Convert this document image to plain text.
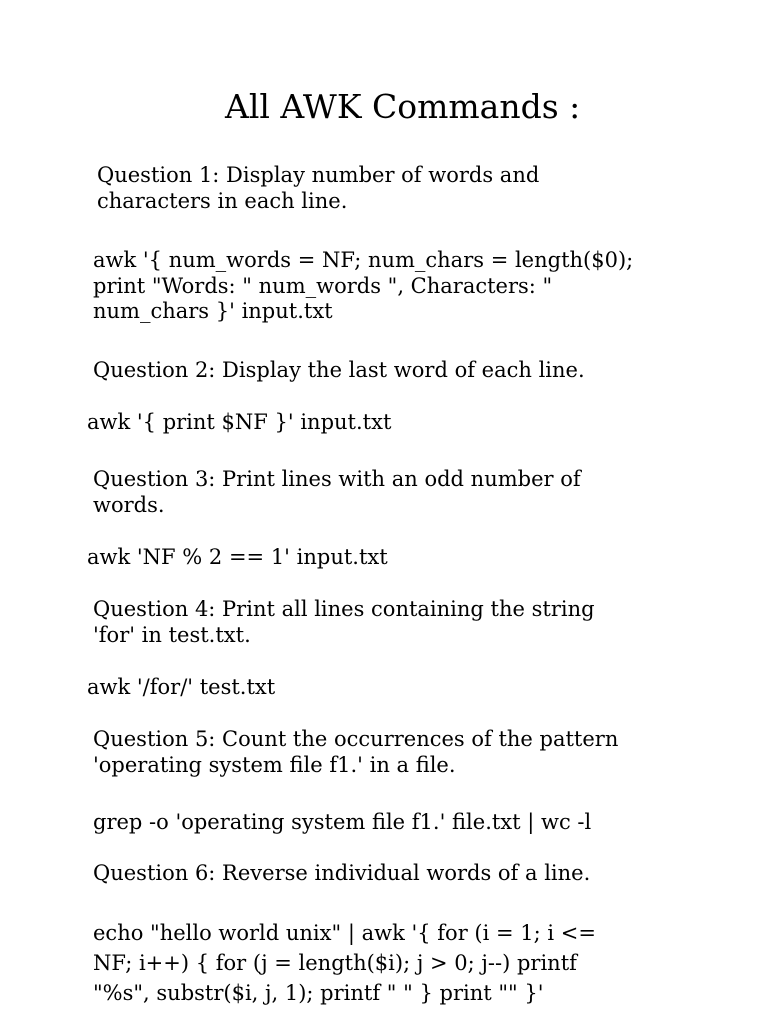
All AWK Commands :
Question 1: Display number of words and
characters in each line.
awk '{ num_words = NF; num_chars = length($0);
print "Words: " num_words ", Characters: "
num_chars }' input.txt
Question 2: Display the last word of each line.
awk '{ print $NF }' input.txt
Question 3: Print lines with an odd number of
words.
awk 'NF % 2 == 1' input.txt
Question 4: Print all lines containing the string
'for' in test.txt.
awk '/for/' test.txt
Question 5: Count the occurrences of the pattern
'operating system file f1.' in a file.
grep -o 'operating system file f1.' file.txt | wc -l
Question 6: Reverse individual words of a line.
echo "hello world unix" | awk '{ for (i = 1; i <=
NF; i++) { for (j = length($i); j > 0; j--) printf
"%s", substr($i, j, 1); printf " " } print "" }'
